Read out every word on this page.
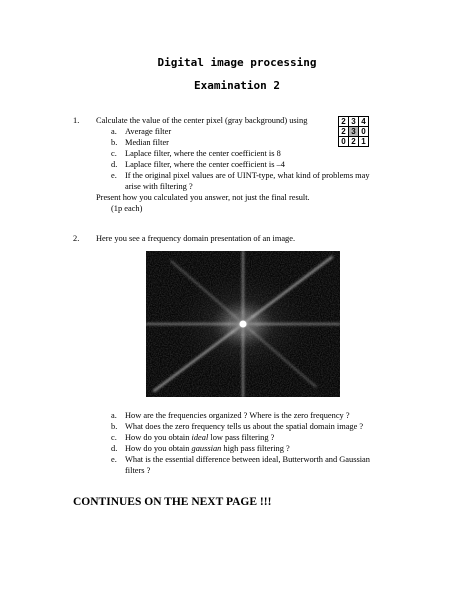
Digital image processing
Examination 2
1. Calculate the value of the center pixel (gray background) using
a. Average filter
b. Median filter
c. Laplace filter, where the center coefficient is 8
d. Laplace filter, where the center coefficient is –4
e. If the original pixel values are of UINT-type, what kind of problems may
arise with filtering ?
Present how you calculated you answer, not just the final result.
(1p each)
2	3	4
2	3	0
0	2	1
2. Here you see a frequency domain presentation of an image.
a. How are the frequencies organized ? Where is the zero frequency ?
b. What does the zero frequency tells us about the spatial domain image ?
c. How do you obtain ideal low pass filtering ?
d. How do you obtain gaussian high pass filtering ?
e. What is the essential difference between ideal, Butterworth and Gaussian
filters ?
CONTINUES ON THE NEXT PAGE !!!
